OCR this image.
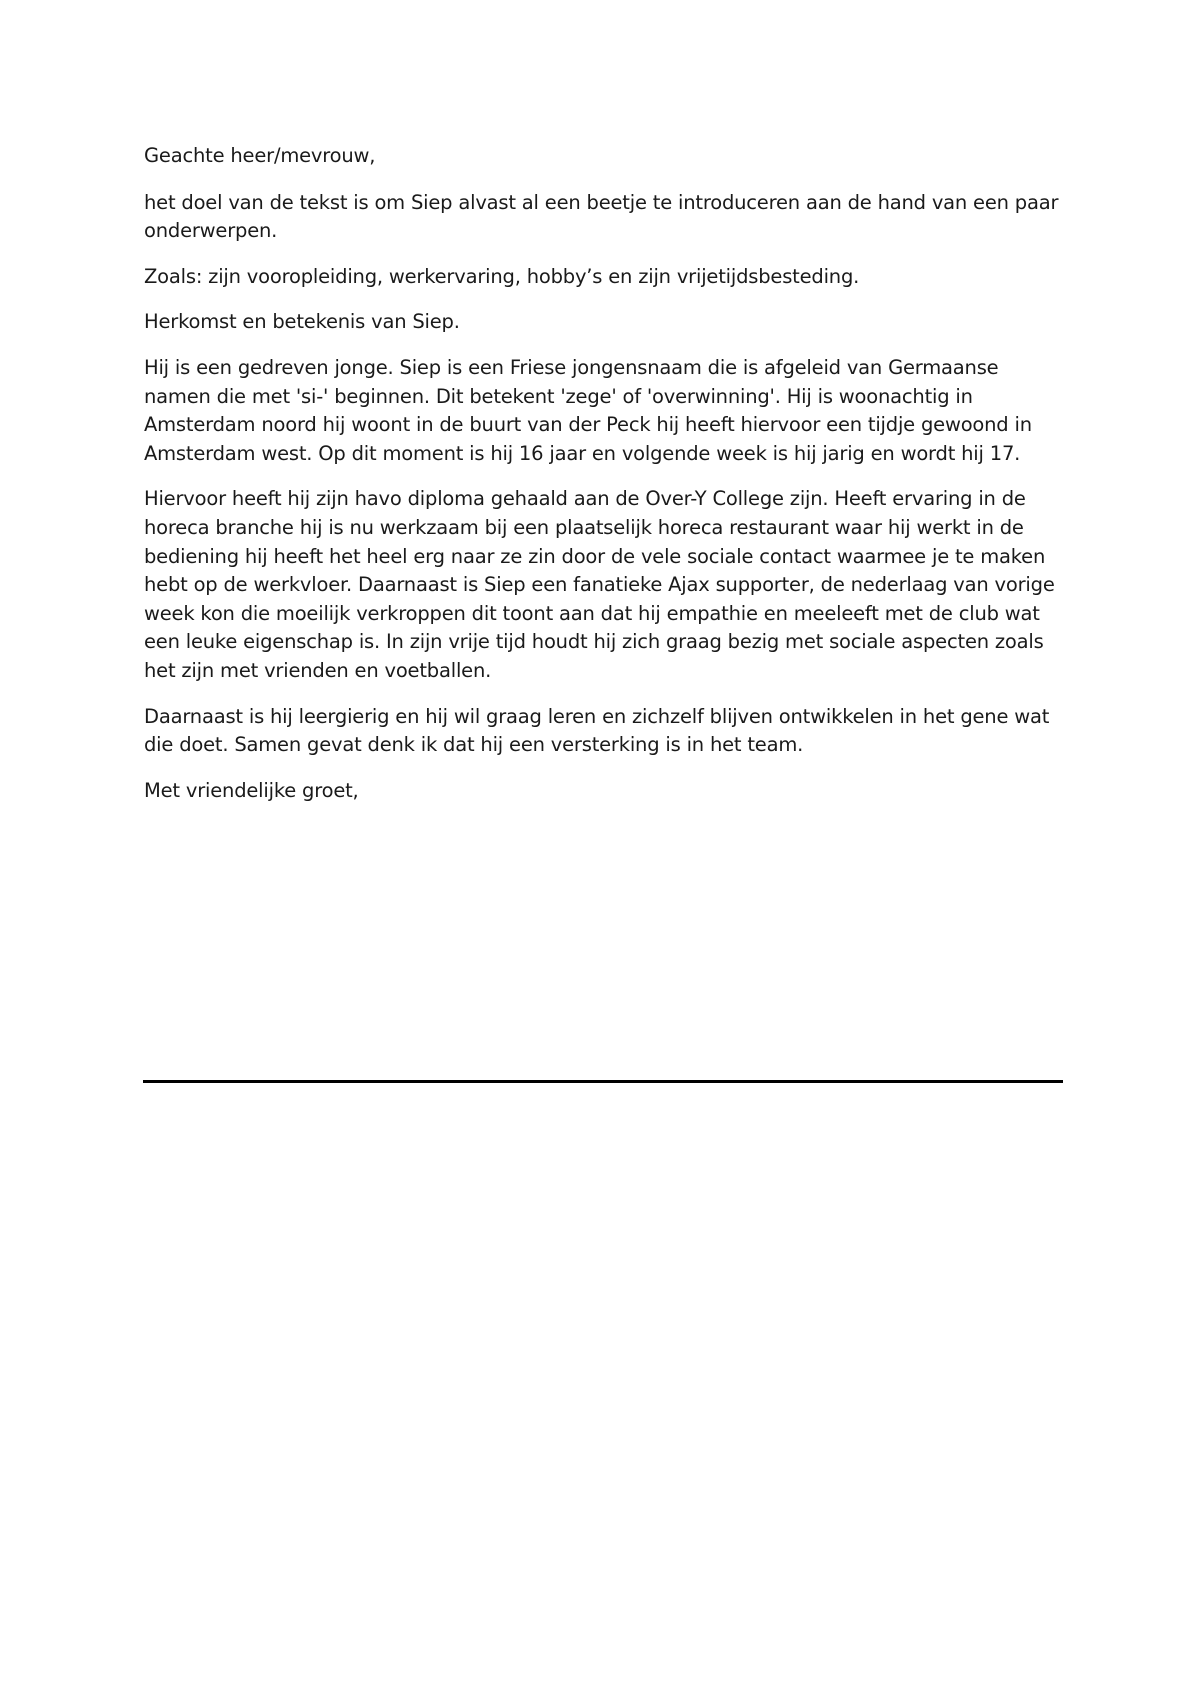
Geachte heer/mevrouw,

het doel van de tekst is om Siep alvast al een beetje te introduceren aan de hand van een paar onderwerpen.

Zoals: zijn vooropleiding, werkervaring, hobby’s en zijn vrijetijdsbesteding.

Herkomst en betekenis van Siep.

Hij is een gedreven jonge. Siep is een Friese jongensnaam die is afgeleid van Germaanse namen die met 'si-' beginnen. Dit betekent 'zege' of 'overwinning'. Hij is woonachtig in Amsterdam noord hij woont in de buurt van der Peck hij heeft hiervoor een tijdje gewoond in Amsterdam west. Op dit moment is hij 16 jaar en volgende week is hij jarig en wordt hij 17.

Hiervoor heeft hij zijn havo diploma gehaald aan de Over-Y College zijn. Heeft ervaring in de horeca branche hij is nu werkzaam bij een plaatselijk horeca restaurant waar hij werkt in de bediening hij heeft het heel erg naar ze zin door de vele sociale contact waarmee je te maken hebt op de werkvloer. Daarnaast is Siep een fanatieke Ajax supporter, de nederlaag van vorige week kon die moeilijk verkroppen dit toont aan dat hij empathie en meeleeft met de club wat een leuke eigenschap is. In zijn vrije tijd houdt hij zich graag bezig met sociale aspecten zoals het zijn met vrienden en voetballen.

Daarnaast is hij leergierig en hij wil graag leren en zichzelf blijven ontwikkelen in het gene wat die doet. Samen gevat denk ik dat hij een versterking is in het team.

Met vriendelijke groet,
